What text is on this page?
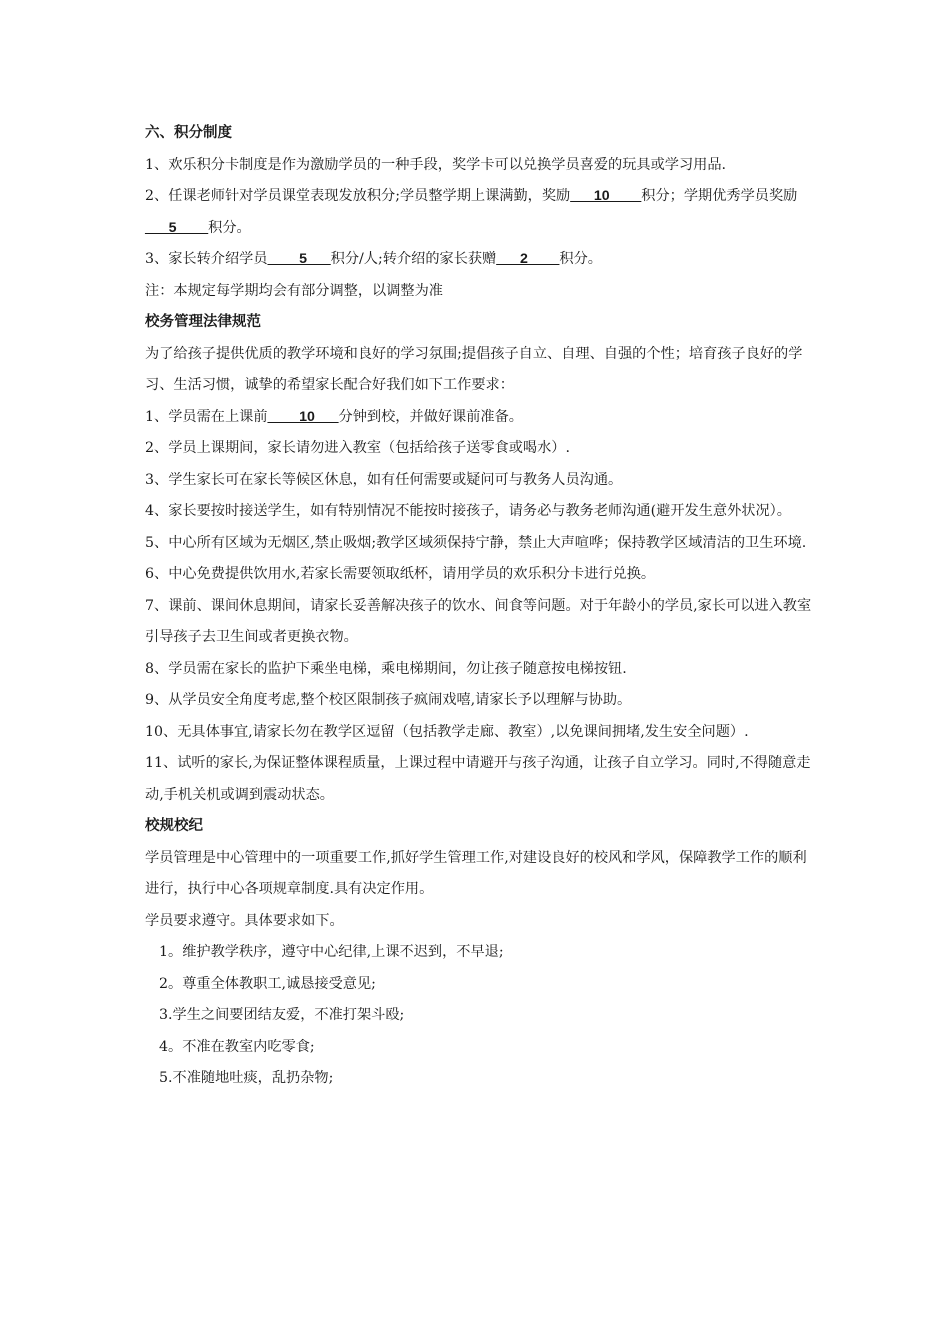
六、积分制度

1、欢乐积分卡制度是作为激励学员的一种手段，奖学卡可以兑换学员喜爱的玩具或学习用品.

2、任课老师针对学员课堂表现发放积分;学员整学期上课满勤，奖励___10____积分；学期优秀学员奖励___5____积分。

3、家长转介绍学员____5___积分/人;转介绍的家长获赠___2____积分。

注：本规定每学期均会有部分调整，以调整为准

校务管理法律规范

为了给孩子提供优质的教学环境和良好的学习氛围;提倡孩子自立、自理、自强的个性；培育孩子良好的学习、生活习惯，诚挚的希望家长配合好我们如下工作要求：

1、学员需在上课前____10___分钟到校，并做好课前准备。

2、学员上课期间，家长请勿进入教室（包括给孩子送零食或喝水）.

3、学生家长可在家长等候区休息，如有任何需要或疑问可与教务人员沟通。

4、家长要按时接送学生，如有特别情况不能按时接孩子，请务必与教务老师沟通(避开发生意外状况）。

5、中心所有区域为无烟区,禁止吸烟;教学区域须保持宁静，禁止大声喧哗；保持教学区域清洁的卫生环境.

6、中心免费提供饮用水,若家长需要领取纸杯，请用学员的欢乐积分卡进行兑换。

7、课前、课间休息期间，请家长妥善解决孩子的饮水、间食等问题。对于年龄小的学员,家长可以进入教室引导孩子去卫生间或者更换衣物。

8、学员需在家长的监护下乘坐电梯，乘电梯期间，勿让孩子随意按电梯按钮.

9、从学员安全角度考虑,整个校区限制孩子疯闹戏嘻,请家长予以理解与协助。

10、无具体事宜,请家长勿在教学区逗留（包括教学走廊、教室）,以免课间拥堵,发生安全问题）.

11、试听的家长,为保证整体课程质量，上课过程中请避开与孩子沟通，让孩子自立学习。同时,不得随意走动,手机关机或调到震动状态。

校规校纪

学员管理是中心管理中的一项重要工作,抓好学生管理工作,对建设良好的校风和学风，保障教学工作的顺利进行，执行中心各项规章制度.具有决定作用。

学员要求遵守。具体要求如下。

1。维护教学秩序，遵守中心纪律,上课不迟到，不早退;

2。尊重全体教职工,诚恳接受意见;

3.学生之间要团结友爱，不准打架斗殴;

4。不准在教室内吃零食;

5.不准随地吐痰，乱扔杂物;
